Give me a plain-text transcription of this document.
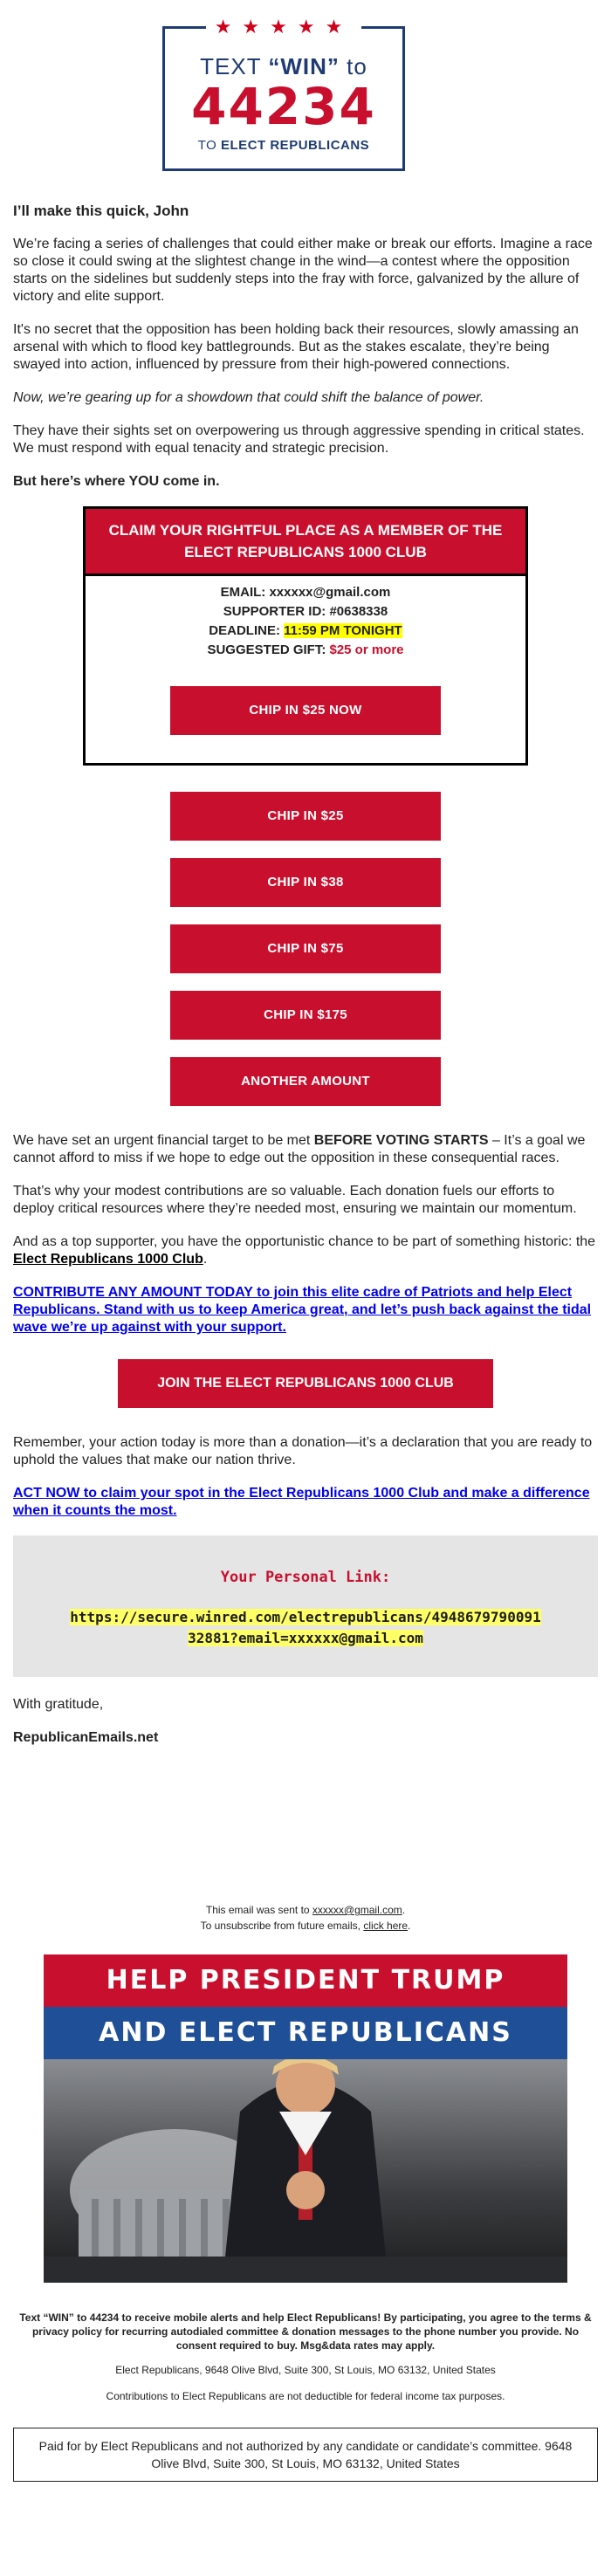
★★★★★
TEXT “WIN” to
44234
TO ELECT REPUBLICANS

I’ll make this quick, John

We’re facing a series of challenges that could either make or break our efforts. Imagine a race so close it could swing at the slightest change in the wind—a contest where the opposition starts on the sidelines but suddenly steps into the fray with force, galvanized by the allure of victory and elite support.

It's no secret that the opposition has been holding back their resources, slowly amassing an arsenal with which to flood key battlegrounds. But as the stakes escalate, they’re being swayed into action, influenced by pressure from their high-powered connections.

Now, we’re gearing up for a showdown that could shift the balance of power.

They have their sights set on overpowering us through aggressive spending in critical states. We must respond with equal tenacity and strategic precision.

But here’s where YOU come in.

CLAIM YOUR RIGHTFUL PLACE AS A MEMBER OF THE ELECT REPUBLICANS 1000 CLUB
EMAIL: xxxxxx@gmail.com
SUPPORTER ID: #0638338
DEADLINE: 11:59 PM TONIGHT
SUGGESTED GIFT: $25 or more
CHIP IN $25 NOW
CHIP IN $25
CHIP IN $38
CHIP IN $75
CHIP IN $175
ANOTHER AMOUNT

We have set an urgent financial target to be met BEFORE VOTING STARTS – It’s a goal we cannot afford to miss if we hope to edge out the opposition in these consequential races.

That’s why your modest contributions are so valuable. Each donation fuels our efforts to deploy critical resources where they’re needed most, ensuring we maintain our momentum.

And as a top supporter, you have the opportunistic chance to be part of something historic: the Elect Republicans 1000 Club.

CONTRIBUTE ANY AMOUNT TODAY to join this elite cadre of Patriots and help Elect Republicans. Stand with us to keep America great, and let’s push back against the tidal wave we’re up against with your support.

JOIN THE ELECT REPUBLICANS 1000 CLUB

Remember, your action today is more than a donation—it’s a declaration that you are ready to uphold the values that make our nation thrive.

ACT NOW to claim your spot in the Elect Republicans 1000 Club and make a difference when it counts the most.

Your Personal Link:
https://secure.winred.com/electrepublicans/4948679790091
32881?email=xxxxxx@gmail.com

With gratitude,

RepublicanEmails.net

This email was sent to xxxxxx@gmail.com.
To unsubscribe from future emails, click here.
HELP PRESIDENT TRUMP
AND ELECT REPUBLICANS
Text “WIN” to 44234 to receive mobile alerts and help Elect Republicans! By participating, you agree to the terms & privacy policy for recurring autodialed committee & donation messages to the phone number you provide. No consent required to buy. Msg&data rates may apply.
Elect Republicans, 9648 Olive Blvd, Suite 300, St Louis, MO 63132, United States
Contributions to Elect Republicans are not deductible for federal income tax purposes.
Paid for by Elect Republicans and not authorized by any candidate or candidate’s committee. 9648 Olive Blvd, Suite 300, St Louis, MO 63132, United States
